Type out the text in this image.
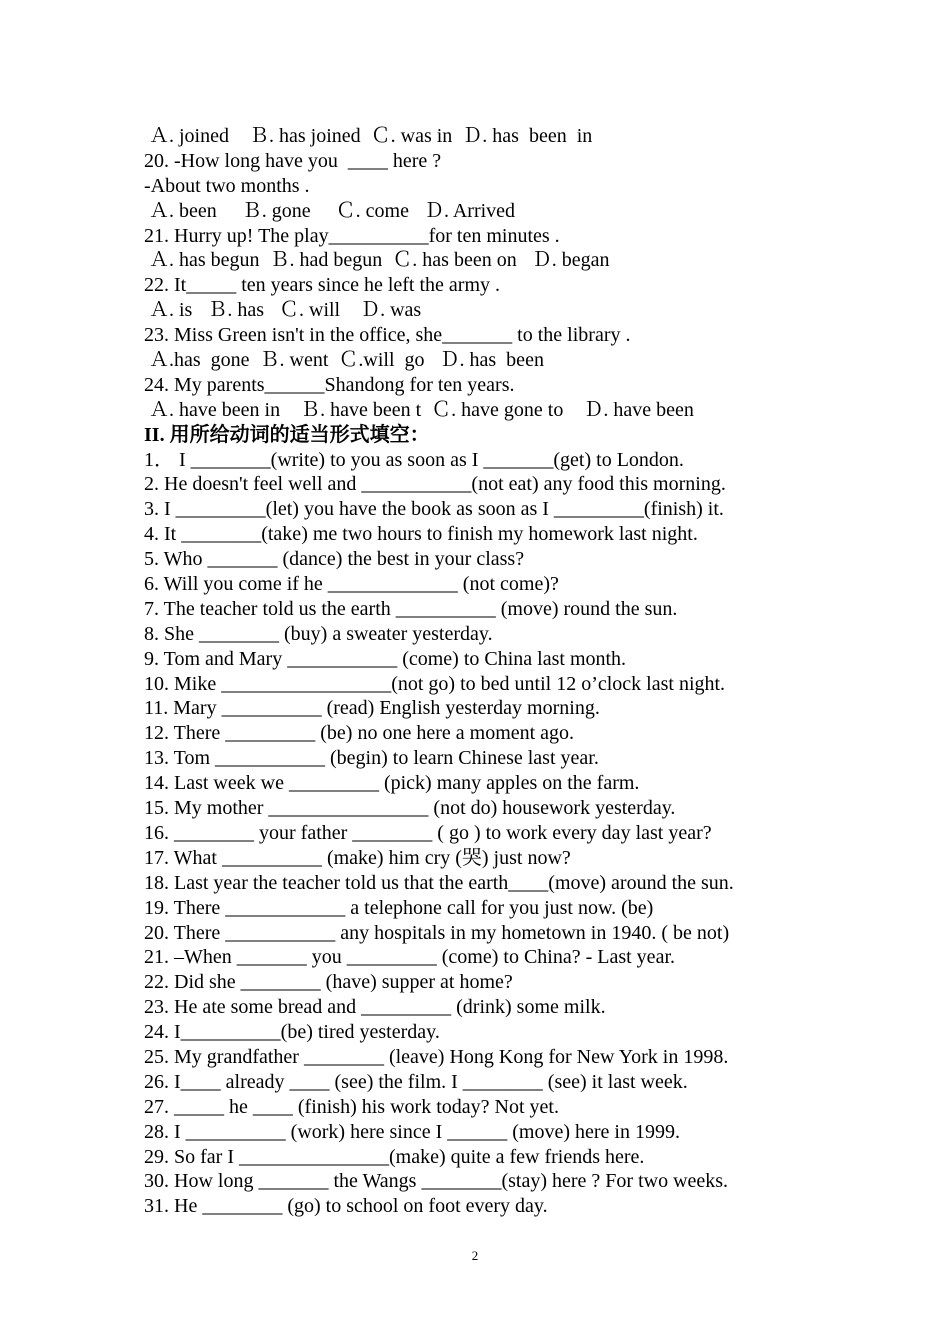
Ａ. joined    Ｂ. has joined  Ｃ. was in  Ｄ. has  been  in
20. -How long have you  ____ here ?
-About two months .
Ａ. been     Ｂ. gone     Ｃ. come   Ｄ. Arrived
21. Hurry up! The play__________for ten minutes .
Ａ. has begun  Ｂ. had begun  Ｃ. has been on   Ｄ. began
22. It_____ ten years since he left the army .
Ａ. is   Ｂ. has   Ｃ. will    Ｄ. was
23. Miss Green isn't in the office, she_______ to the library .
Ａ.has  gone  Ｂ. went  Ｃ.will  go   Ｄ. has  been
24. My parents______Shandong for ten years.
Ａ. have been in    Ｂ. have been t  Ｃ. have gone to    Ｄ. have been
II. 用所给动词的适当形式填空：
1． I ________(write) to you as soon as I _______(get) to London.
2. He doesn't feel well and ___________(not eat) any food this morning.
3. I _________(let) you have the book as soon as I _________(finish) it.
4. It ________(take) me two hours to finish my homework last night.
5. Who _______ (dance) the best in your class?
6. Will you come if he _____________ (not come)?
7. The teacher told us the earth __________ (move) round the sun.
8. She ________ (buy) a sweater yesterday.
9. Tom and Mary ___________ (come) to China last month.
10. Mike _________________(not go) to bed until 12 o’clock last night.
11. Mary __________ (read) English yesterday morning.
12. There _________ (be) no one here a moment ago.
13. Tom ___________ (begin) to learn Chinese last year.
14. Last week we _________ (pick) many apples on the farm.
15. My mother ________________ (not do) housework yesterday.
16. ________ your father ________ ( go ) to work every day last year?
17. What __________ (make) him cry (哭) just now?
18. Last year the teacher told us that the earth____(move) around the sun.
19. There ____________ a telephone call for you just now. (be)
20. There ___________ any hospitals in my hometown in 1940. ( be not)
21. –When _______ you _________ (come) to China? - Last year.
22. Did she ________ (have) supper at home?
23. He ate some bread and _________ (drink) some milk.
24. I__________(be) tired yesterday.
25. My grandfather ________ (leave) Hong Kong for New York in 1998.
26. I____ already ____ (see) the film. I ________ (see) it last week.
27. _____ he ____ (finish) his work today? Not yet.
28. I __________ (work) here since I ______ (move) here in 1999.
29. So far I _______________(make) quite a few friends here.
30. How long _______ the Wangs ________(stay) here ? For two weeks.
31. He ________ (go) to school on foot every day.
2
